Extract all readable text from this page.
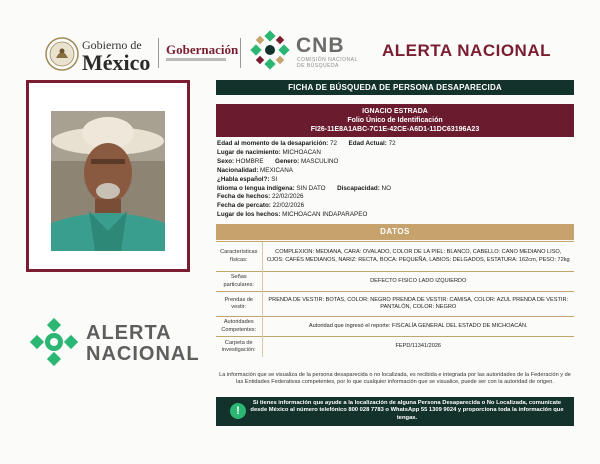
Gobierno de
México
Gobernación	CNB
COMISIÓN NACIONAL
DE BÚSQUEDA
ALERTA NACIONAL
ALERTA
NACIONAL
FICHA DE BÚSQUEDA DE PERSONA DESAPARECIDA
IGNACIO ESTRADA
Folio Único de Identificación
FI26-11E8A1ABC-7C1E-42CE-A6D1-11DC63196A23
Edad al momento de la desaparición: 72 Edad Actual: 72
Lugar de nacimiento: MICHOACAN
Sexo: HOMBRE Genero: MASCULINO
Nacionalidad: MEXICANA
¿Habla español?: SI
Idioma o lengua indígena: SIN DATO Discapacidad: NO
Fecha de hechos: 22/02/2026
Fecha de percato: 22/02/2026
Lugar de los hechos: MICHOACAN INDAPARAPEO
DATOS
Características físicas:	COMPLEXION: MEDIANA, CARA: OVALADO, COLOR DE LA PIEL: BLANCO, CABELLO: CANO MEDIANO LISO, OJOS: CAFÉS MEDIANOS, NARIZ: RECTA, BOCA: PEQUEÑA, LABIOS: DELGADOS, ESTATURA: 162cm, PESO: 72kg
Señas particulares:	DEFECTO FISICO LADO IZQUIERDO
Prendas de vestir:	PRENDA DE VESTIR: BOTAS, COLOR: NEGRO PRENDA DE VESTIR: CAMISA, COLOR: AZUL PRENDA DE VESTIR: PANTALÓN, COLOR: NEGRO
Autoridades Competentes:	Autoridad que ingresó el reporte: FISCALÍA GENERAL DEL ESTADO DE MICHOACÁN.
Carpeta de investigación:	FEPD/11341/2026
La información que se visualiza de la persona desaparecida o no localizada, es recibida e integrada por las autoridades de la Federación y de las Entidades Federativas competentes, por lo que cualquier información que se visualice, puede ser con la autoridad de origen.
Si tienes información que ayude a la localización de alguna Persona Desaparecida o No Localizada, comunícate desde México al número telefónico 800 028 7783 o WhatsApp 55 1309 9024 y proporciona toda la información que tengas.
!
